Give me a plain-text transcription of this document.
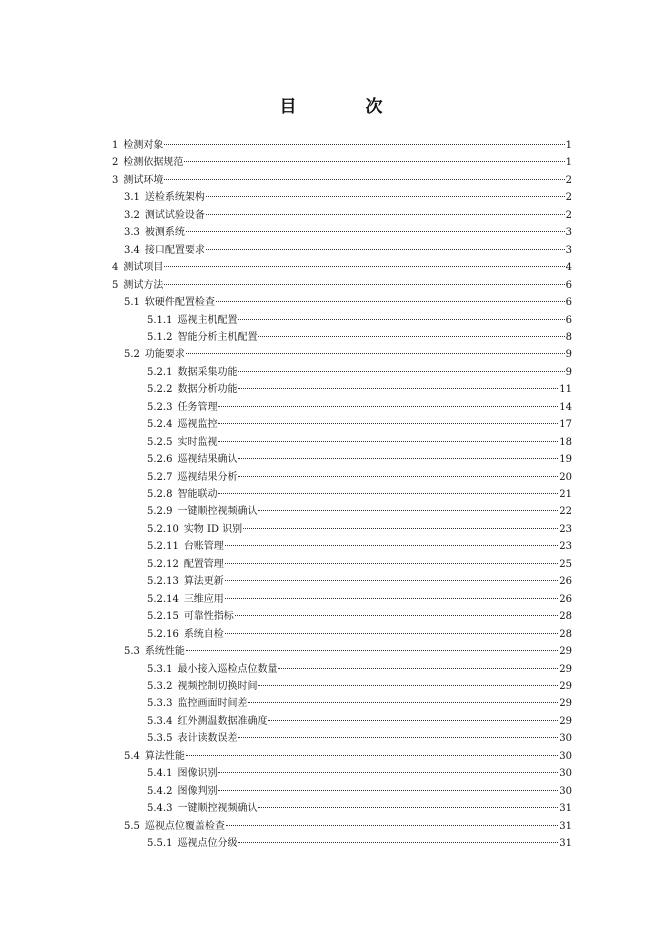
目　次
1 检测对象	1
2 检测依据规范	1
3 测试环境	2
3.1 送检系统架构	2
3.2 测试试验设备	2
3.3 被测系统	3
3.4 接口配置要求	3
4 测试项目	4
5 测试方法	6
5.1 软硬件配置检查	6
5.1.1 巡视主机配置	6
5.1.2 智能分析主机配置	8
5.2 功能要求	9
5.2.1 数据采集功能	9
5.2.2 数据分析功能	11
5.2.3 任务管理	14
5.2.4 巡视监控	17
5.2.5 实时监视	18
5.2.6 巡视结果确认	19
5.2.7 巡视结果分析	20
5.2.8 智能联动	21
5.2.9 一键顺控视频确认	22
5.2.10 实物 ID 识别	23
5.2.11 台账管理	23
5.2.12 配置管理	25
5.2.13 算法更新	26
5.2.14 三维应用	26
5.2.15 可靠性指标	28
5.2.16 系统自检	28
5.3 系统性能	29
5.3.1 最小接入巡检点位数量	29
5.3.2 视频控制切换时间	29
5.3.3 监控画面时间差	29
5.3.4 红外测温数据准确度	29
5.3.5 表计读数误差	30
5.4 算法性能	30
5.4.1 图像识别	30
5.4.2 图像判别	30
5.4.3 一键顺控视频确认	31
5.5 巡视点位覆盖检查	31
5.5.1 巡视点位分级	31
